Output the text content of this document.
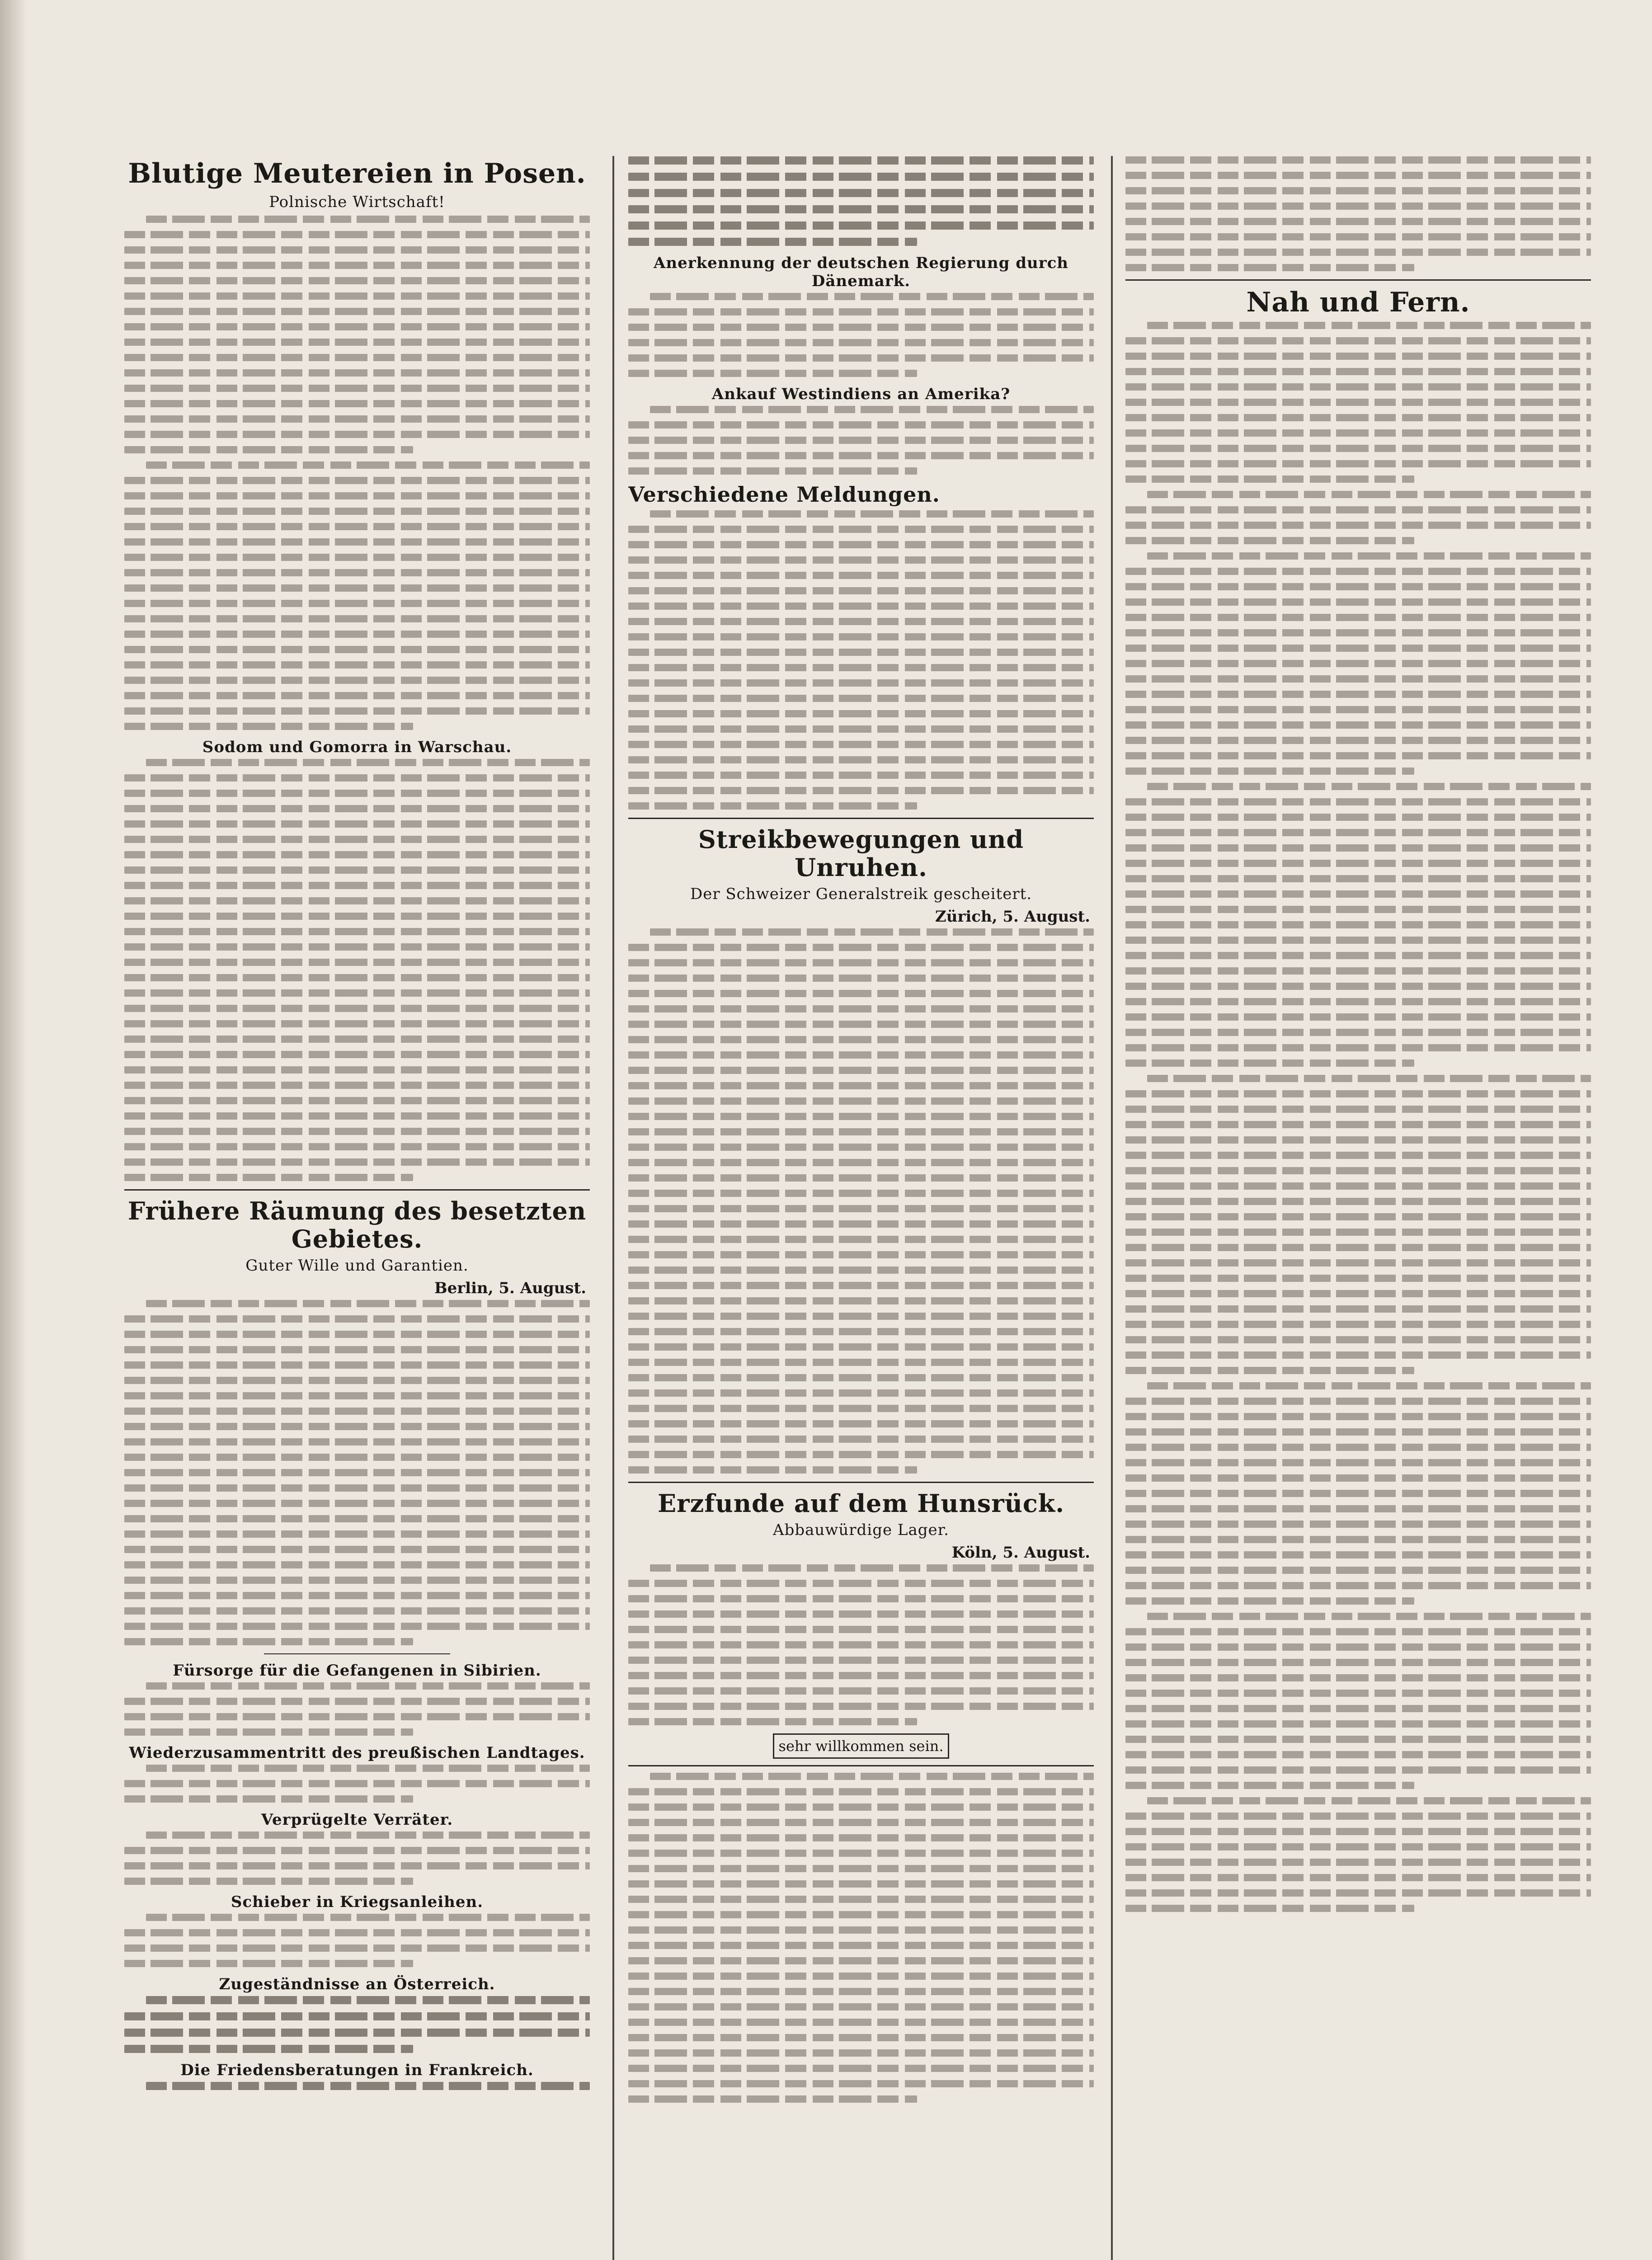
Blutige Meutereien in Posen.
Polnische Wirtschaft!
Sodom und Gomorra in Warschau.
Frühere Räumung des besetzten Gebietes.
Guter Wille und Garantien.
Berlin, 5. August.
Fürsorge für die Gefangenen in Sibirien.
Wiederzusammentritt des preußischen Landtages.
Verprügelte Verräter.
Schieber in Kriegsanleihen.
Zugeständnisse an Österreich.
Die Friedensberatungen in Frankreich.
Anerkennung der deutschen Regierung durch Dänemark.
Ankauf Westindiens an Amerika?
Verschiedene Meldungen.
Streikbewegungen und Unruhen.
Der Schweizer Generalstreik gescheitert.
Zürich, 5. August.
Erzfunde auf dem Hunsrück.
Abbauwürdige Lager.
Köln, 5. August.
sehr willkommen sein.
Nah und Fern.
